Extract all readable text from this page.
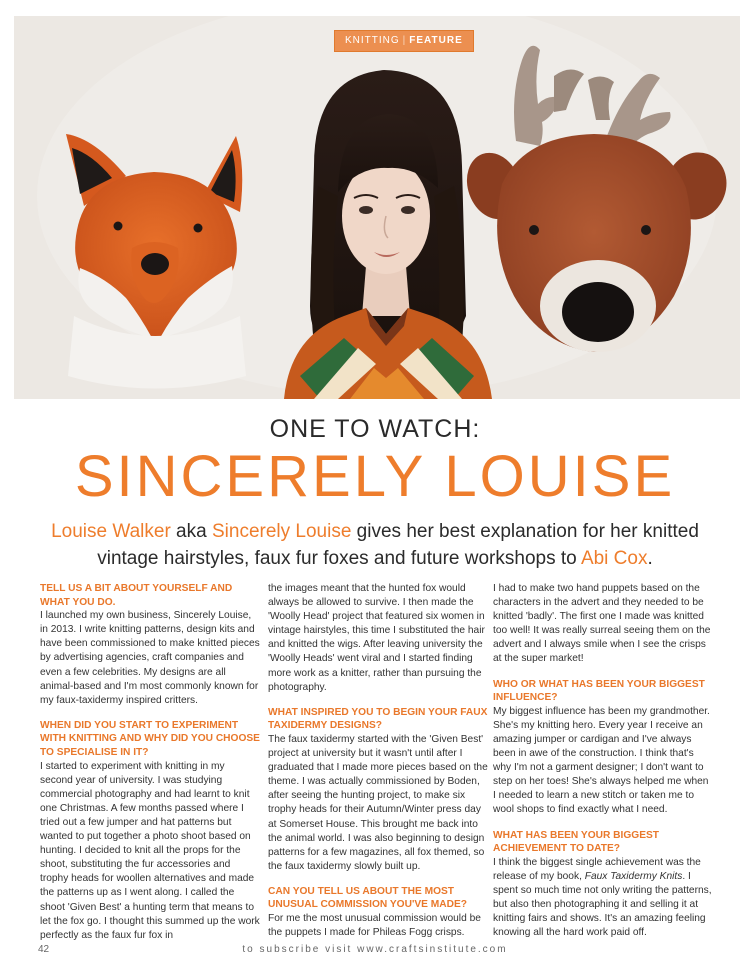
KNITTING | FEATURE
ONE TO WATCH:
SINCERELY LOUISE

Louise Walker aka Sincerely Louise gives her best explanation for her knitted vintage hairstyles, faux fur foxes and future workshops to Abi Cox.

TELL US A BIT ABOUT YOURSELF AND WHAT YOU DO.

I launched my own business, Sincerely Louise, in 2013. I write knitting patterns, design kits and have been commissioned to make knitted pieces by advertising agencies, craft companies and even a few celebrities. My designs are all animal-based and I'm most commonly known for my faux-taxidermy inspired critters.

WHEN DID YOU START TO EXPERIMENT WITH KNITTING AND WHY DID YOU CHOOSE TO SPECIALISE IN IT?

I started to experiment with knitting in my second year of university. I was studying commercial photography and had learnt to knit one Christmas. A few months passed where I tried out a few jumper and hat patterns but wanted to put together a photo shoot based on hunting. I decided to knit all the props for the shoot, substituting the fur accessories and trophy heads for woollen alternatives and made the patterns up as I went along. I called the shoot 'Given Best' a hunting term that means to let the fox go. I thought this summed up the work perfectly as the faux fur fox in

the images meant that the hunted fox would always be allowed to survive. I then made the 'Woolly Head' project that featured six women in vintage hairstyles, this time I substituted the hair and knitted the wigs. After leaving university the 'Woolly Heads' went viral and I started finding more work as a knitter, rather than pursuing the photography.

WHAT INSPIRED YOU TO BEGIN YOUR FAUX TAXIDERMY DESIGNS?

The faux taxidermy started with the 'Given Best' project at university but it wasn't until after I graduated that I made more pieces based on the theme. I was actually commissioned by Boden, after seeing the hunting project, to make six trophy heads for their Autumn/Winter press day at Somerset House. This brought me back into the animal world. I was also beginning to design patterns for a few magazines, all fox themed, so the faux taxidermy slowly built up.

CAN YOU TELL US ABOUT THE MOST UNUSUAL COMMISSION YOU'VE MADE?

For me the most unusual commission would be the puppets I made for Phileas Fogg crisps.

I had to make two hand puppets based on the characters in the advert and they needed to be knitted 'badly'. The first one I made was knitted too well! It was really surreal seeing them on the advert and I always smile when I see the crisps at the super market!

WHO OR WHAT HAS BEEN YOUR BIGGEST INFLUENCE?

My biggest influence has been my grandmother. She's my knitting hero. Every year I receive an amazing jumper or cardigan and I've always been in awe of the construction. I think that's why I'm not a garment designer; I don't want to step on her toes! She's always helped me when I needed to learn a new stitch or taken me to wool shops to find exactly what I need.

WHAT HAS BEEN YOUR BIGGEST ACHIEVEMENT TO DATE?

I think the biggest single achievement was the release of my book, Faux Taxidermy Knits. I spent so much time not only writing the patterns, but also then photographing it and selling it at knitting fairs and shows. It's an amazing feeling knowing all the hard work paid off.

42	to subscribe visit www.craftsinstitute.com
